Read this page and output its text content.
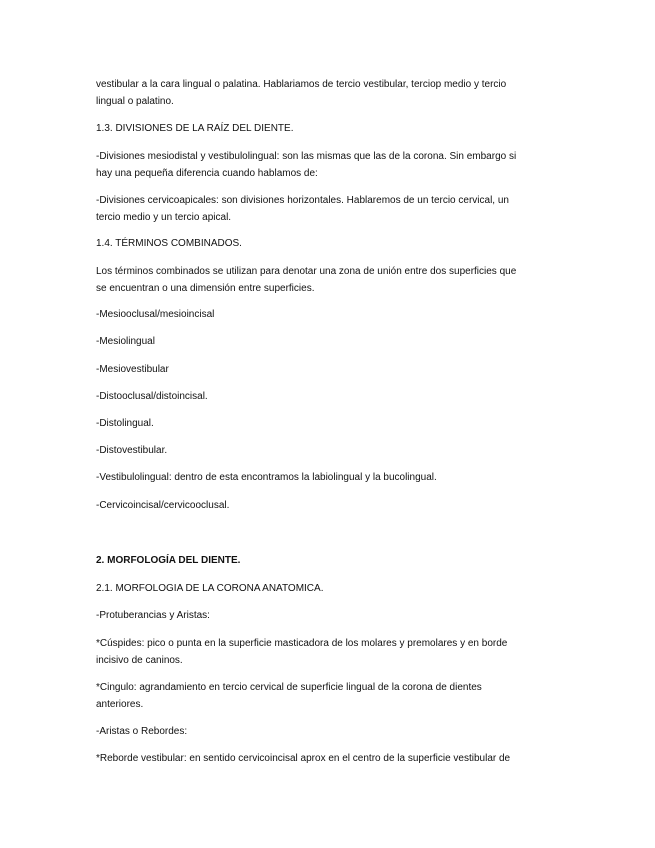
vestibular a la cara lingual o palatina. Hablariamos de tercio vestibular, terciop medio y tercio
lingual o palatino.

1.3. DIVISIONES DE LA RAÍZ DEL DIENTE.

-Divisiones mesiodistal y vestibulolingual: son las mismas que las de la corona. Sin embargo si
hay una pequeña diferencia cuando hablamos de:

-Divisiones cervicoapicales: son divisiones horizontales. Hablaremos de un tercio cervical, un
tercio medio y un tercio apical.

1.4. TÉRMINOS COMBINADOS.

Los términos combinados se utilizan para denotar una zona de unión entre dos superficies que
se encuentran o una dimensión entre superficies.

-Mesiooclusal/mesioincisal

-Mesiolingual

-Mesiovestibular

-Distooclusal/distoincisal.

-Distolingual.

-Distovestibular.

-Vestibulolingual: dentro de esta encontramos la labiolingual y la bucolingual.

-Cervicoincisal/cervicooclusal.

2. MORFOLOGÍA DEL DIENTE.

2.1. MORFOLOGIA DE LA CORONA ANATOMICA.

-Protuberancias y Aristas:

*Cúspides: pico o punta en la superficie masticadora de los molares y premolares y en borde
incisivo de caninos.

*Cingulo: agrandamiento en tercio cervical de superficie lingual de la corona de dientes
anteriores.

-Aristas o Rebordes:

*Reborde vestibular: en sentido cervicoincisal aprox en el centro de la superficie vestibular de
